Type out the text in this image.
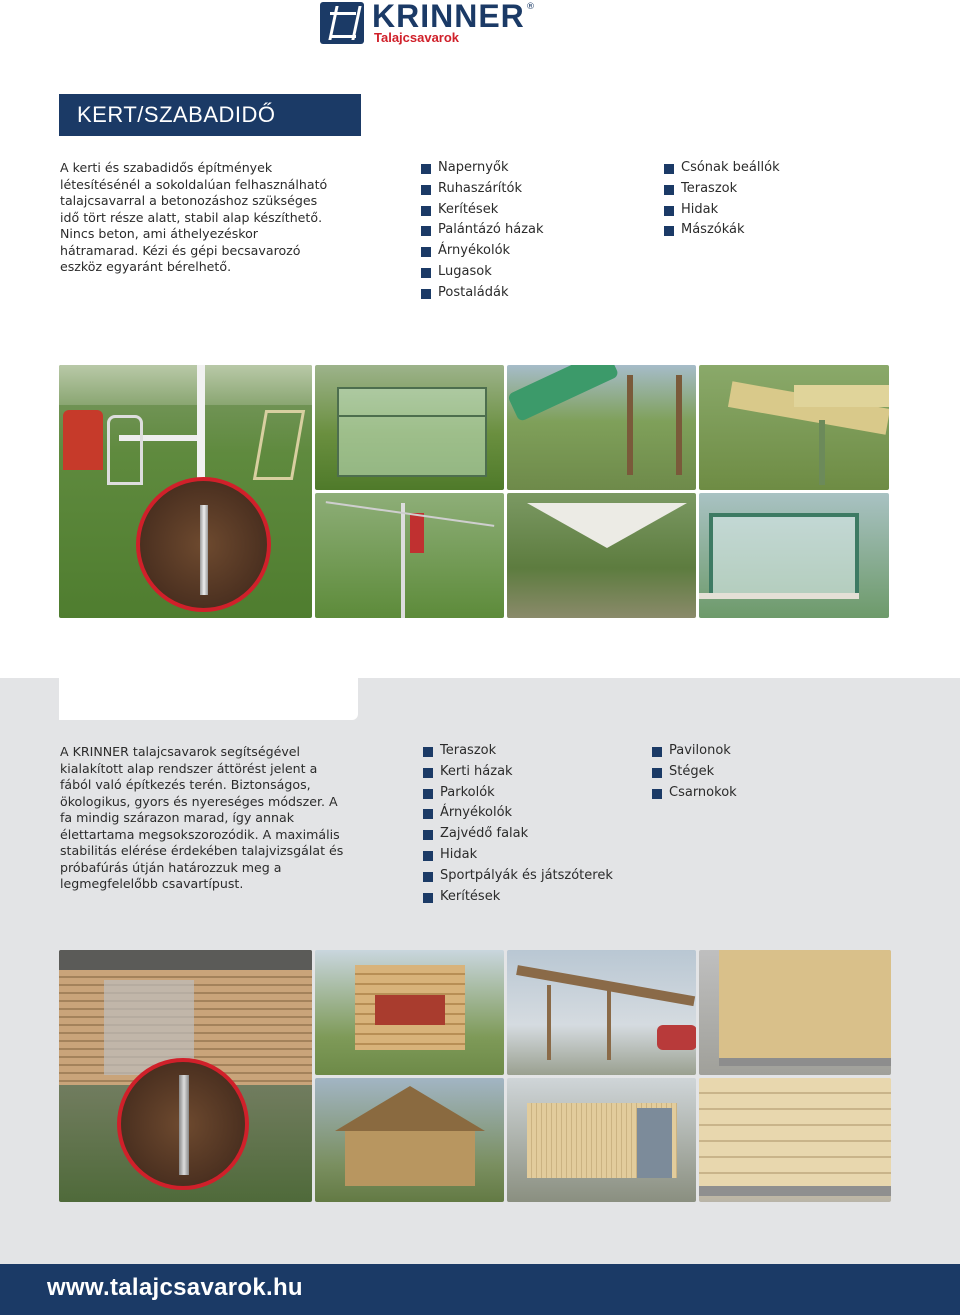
KRINNER ®
Talajcsavarok
KERT/SZABADIDŐ
A kerti és szabadidős építmények létesítésénél a sokoldalúan felhasználható talajcsavarral a betonozáshoz szükséges idő tört része alatt, stabil alap készíthető. Nincs beton, ami áthelyezéskor hátramarad. Kézi és gépi becsavarozó eszköz egyaránt bérelhető.
Napernyők
Ruhaszárítók
Kerítések
Palántázó házak
Árnyékolók
Lugasok
Postaládák
Csónak beállók
Teraszok
Hidak
Mászókák
A KRINNER talajcsavarok segítségével kialakított alap rendszer áttörést jelent a fából való építkezés terén. Biztonságos, ökologikus, gyors és nyereséges módszer. A fa mindig szárazon marad, így annak élettartama megsokszorozódik. A maximális stabilitás elérése érdekében talajvizsgálat és próbafúrás útján határozzuk meg a legmegfelelőbb csavartípust.
Teraszok
Kerti házak
Parkolók
Árnyékolók
Zajvédő falak
Hidak
Sportpályák és játszóterek
Kerítések
Pavilonok
Stégek
Csarnokok
www.talajcsavarok.hu
